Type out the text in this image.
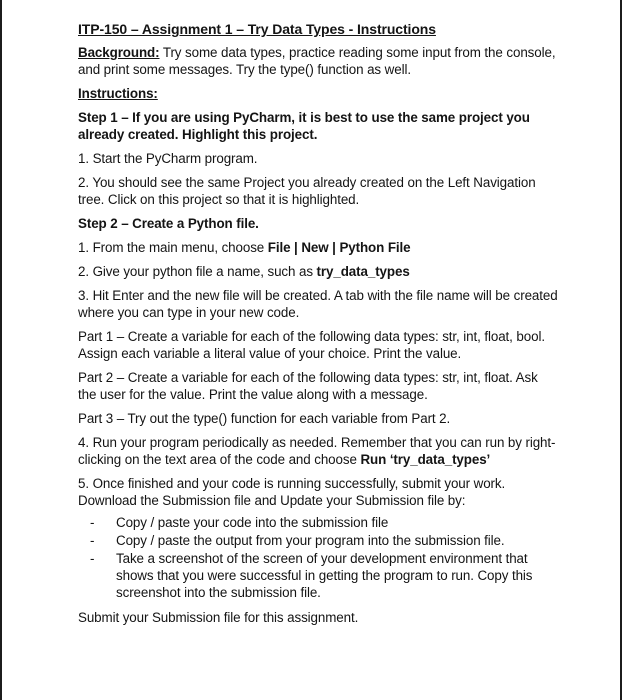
ITP-150 – Assignment 1 – Try Data Types - Instructions

Background: Try some data types, practice reading some input from the console, and print some messages. Try the type() function as well.

Instructions:

Step 1 – If you are using PyCharm, it is best to use the same project you already created. Highlight this project.

1. Start the PyCharm program.

2. You should see the same Project you already created on the Left Navigation tree. Click on this project so that it is highlighted.

Step 2 – Create a Python file.

1. From the main menu, choose File | New | Python File

2. Give your python file a name, such as try_data_types

3. Hit Enter and the new file will be created. A tab with the file name will be created where you can type in your new code.

Part 1 – Create a variable for each of the following data types: str, int, float, bool. Assign each variable a literal value of your choice. Print the value.

Part 2 – Create a variable for each of the following data types: str, int, float. Ask the user for the value. Print the value along with a message.

Part 3 – Try out the type() function for each variable from Part 2.

4. Run your program periodically as needed. Remember that you can run by right-clicking on the text area of the code and choose Run ‘try_data_types’

5. Once finished and your code is running successfully, submit your work. Download the Submission file and Update your Submission file by:

- Copy / paste your code into the submission file
- Copy / paste the output from your program into the submission file.
- Take a screenshot of the screen of your development environment that shows that you were successful in getting the program to run. Copy this screenshot into the submission file.

Submit your Submission file for this assignment.
